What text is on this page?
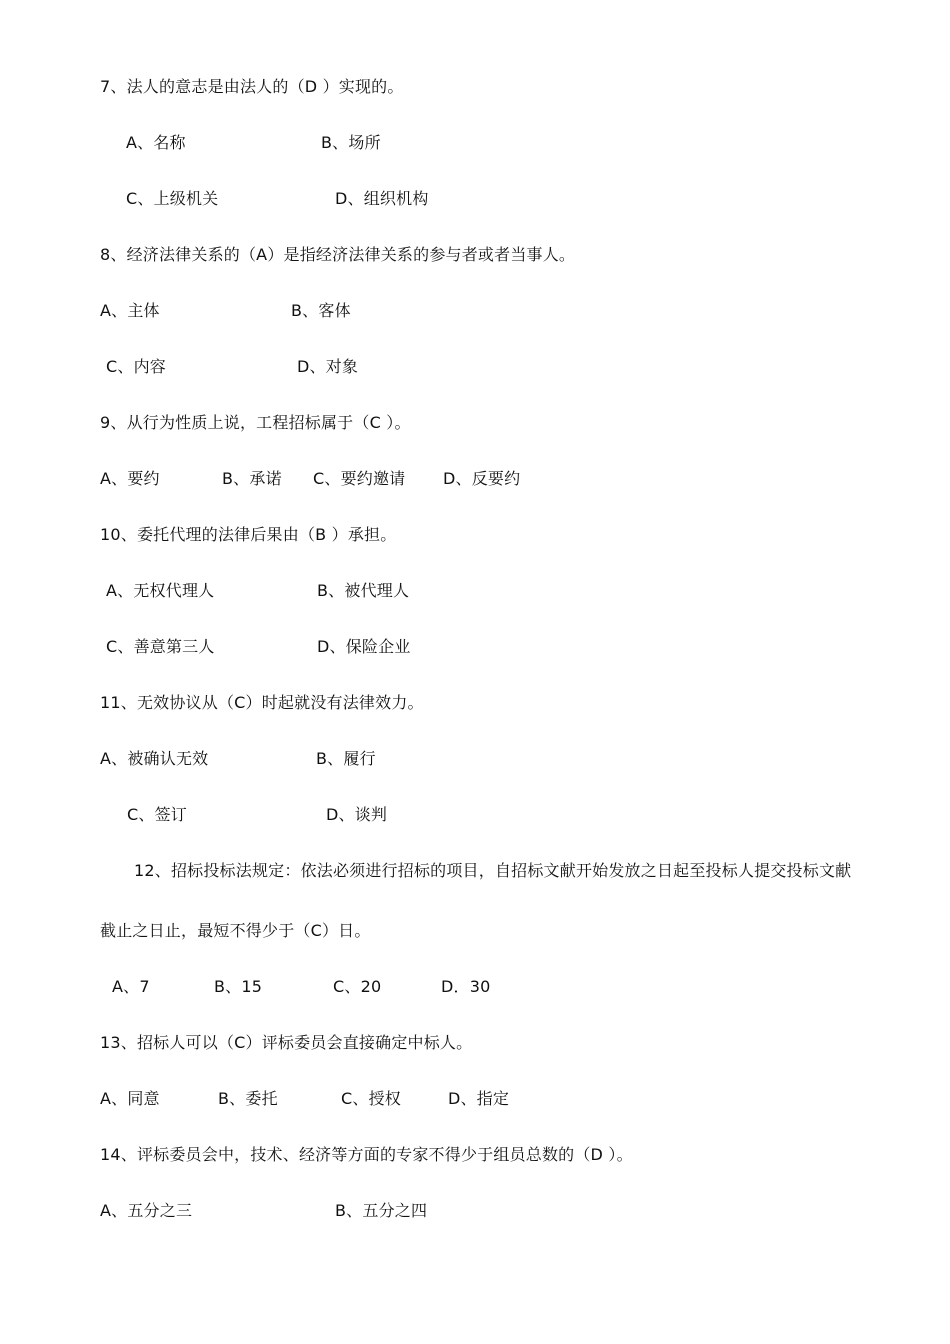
7、法人的意志是由法人的（D ）实现的。
A、名称	B、场所
C、上级机关	D、组织机构
8、经济法律关系的（A）是指经济法律关系的参与者或者当事人。
A、主体	B、客体
C、内容	D、对象
9、从行为性质上说，工程招标属于（C ）。
A、要约	B、承诺 C、要约邀请 D、反要约
10、委托代理的法律后果由（B ）承担。
A、无权代理人	B、被代理人
C、善意第三人	D、保险企业
11、无效协议从（C）时起就没有法律效力。
A、被确认无效	B、履行
C、签订	D、谈判
12、招标投标法规定：依法必须进行招标的项目，自招标文献开始发放之日起至投标人提交投标文献
截止之日止，最短不得少于（C）日。
A、7	B、15	C、20	D．30
13、招标人可以（C）评标委员会直接确定中标人。
A、同意	B、委托	C、授权	D、指定
14、评标委员会中，技术、经济等方面的专家不得少于组员总数的（D ）。
A、五分之三	B、五分之四
